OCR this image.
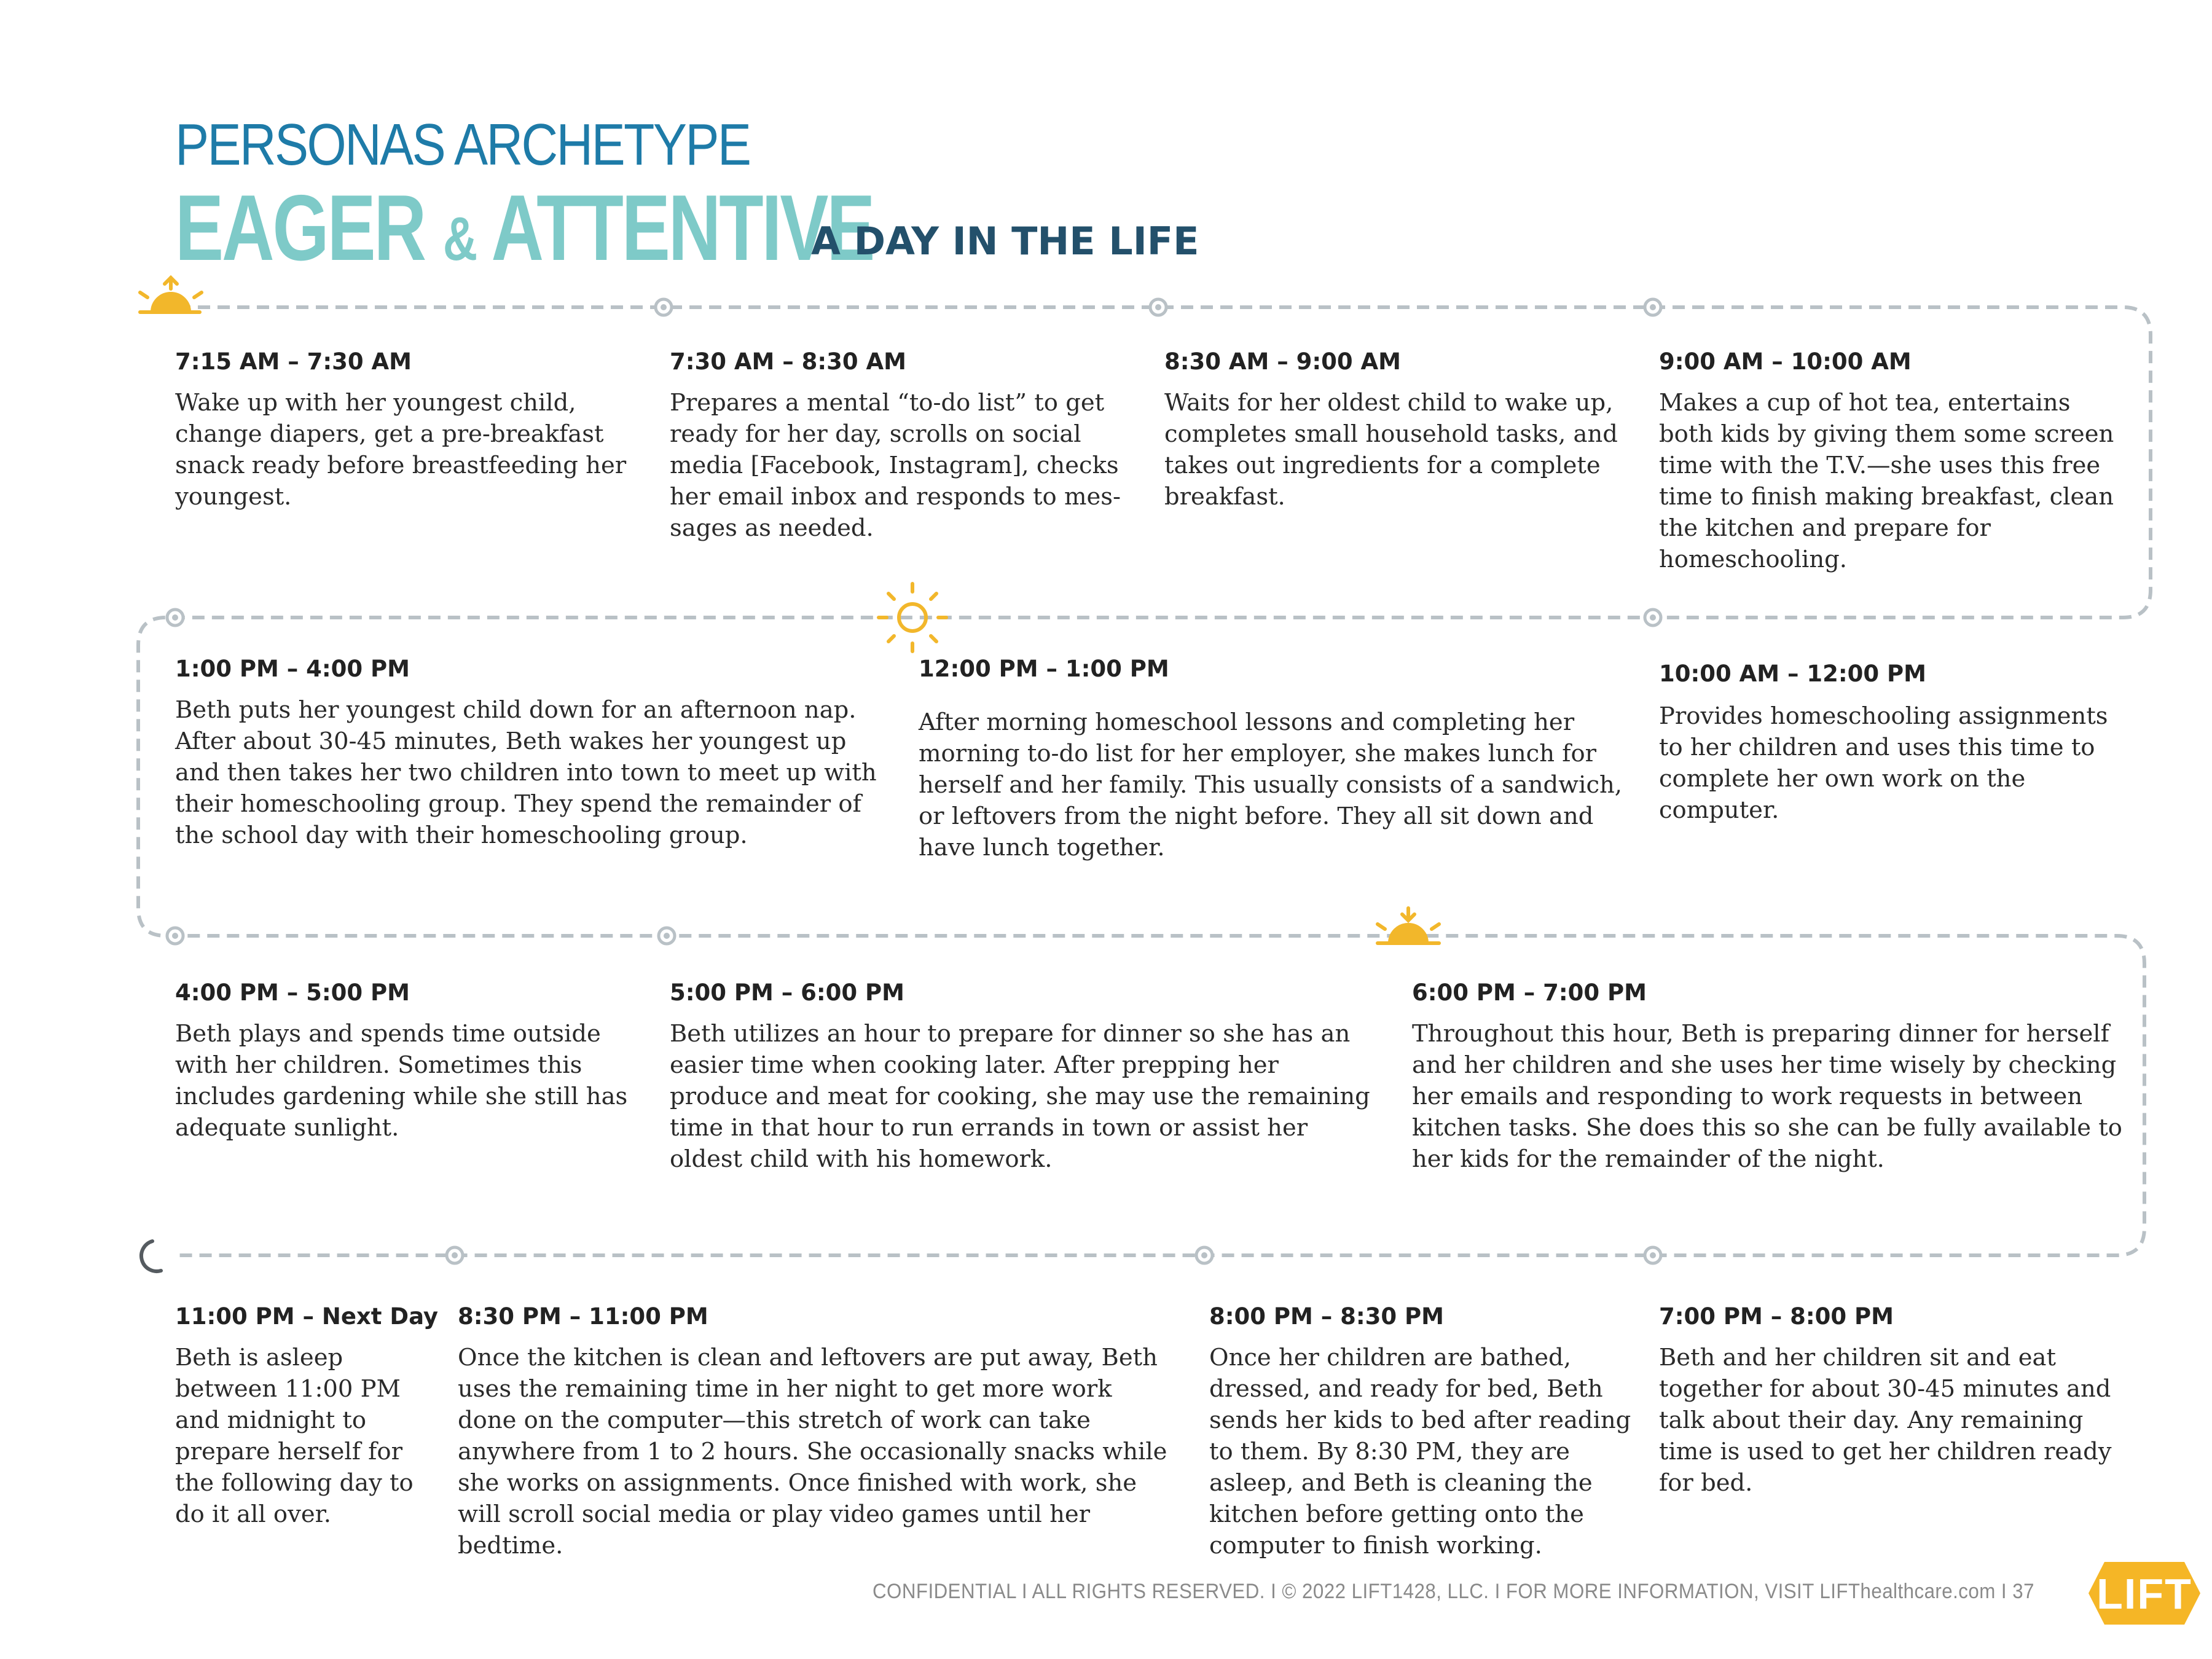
PERSONAS ARCHETYPE
EAGER & ATTENTIVE
A DAY IN THE LIFE
7:15 AM – 7:30 AM
Wake up with her youngest child, change diapers, get a pre-breakfast snack ready before breastfeeding her youngest.
7:30 AM – 8:30 AM
Prepares a mental “to-do list” to get ready for her day, scrolls on social media [Facebook, Instagram], checks her email inbox and responds to mes-sages as needed.
8:30 AM – 9:00 AM
Waits for her oldest child to wake up, completes small household tasks, and takes out ingredients for a complete breakfast.
9:00 AM – 10:00 AM
Makes a cup of hot tea, entertains both kids by giving them some screen time with the T.V.—she uses this free time to finish making breakfast, clean the kitchen and prepare for homeschooling.
10:00 AM – 12:00 PM
Provides homeschooling assignments to her children and uses this time to complete her own work on the computer.
12:00 PM – 1:00 PM
After morning homeschool lessons and completing her morning to-do list for her employer, she makes lunch for herself and her family. This usually consists of a sandwich, or leftovers from the night before. They all sit down and have lunch together.
1:00 PM – 4:00 PM
Beth puts her youngest child down for an afternoon nap. After about 30-45 minutes, Beth wakes her youngest up and then takes her two children into town to meet up with their homeschooling group. They spend the remainder of the school day with their homeschooling group.
4:00 PM – 5:00 PM
Beth plays and spends time outside with her children. Sometimes this includes gardening while she still has adequate sunlight.
5:00 PM – 6:00 PM
Beth utilizes an hour to prepare for dinner so she has an easier time when cooking later. After prepping her produce and meat for cooking, she may use the remaining time in that hour to run errands in town or assist her oldest child with his homework.
6:00 PM – 7:00 PM
Throughout this hour, Beth is preparing dinner for herself and her children and she uses her time wisely by checking her emails and responding to work requests in between kitchen tasks. She does this so she can be fully available to her kids for the remainder of the night.
7:00 PM – 8:00 PM
Beth and her children sit and eat together for about 30-45 minutes and talk about their day. Any remaining time is used to get her children ready for bed.
8:00 PM – 8:30 PM
Once her children are bathed, dressed, and ready for bed, Beth sends her kids to bed after reading to them. By 8:30 PM, they are asleep, and Beth is cleaning the kitchen before getting onto the computer to finish working.
8:30 PM – 11:00 PM
Once the kitchen is clean and leftovers are put away, Beth uses the remaining time in her night to get more work done on the computer—this stretch of work can take anywhere from 1 to 2 hours. She occasionally snacks while she works on assignments. Once finished with work, she will scroll social media or play video games until her bedtime.
11:00 PM – Next Day
Beth is asleep between 11:00 PM and midnight to prepare herself for the following day to do it all over.
CONFIDENTIAL I ALL RIGHTS RESERVED. I © 2022 LIFT1428, LLC. I FOR MORE INFORMATION, VISIT LIFThealthcare.com I 37 LIFT
